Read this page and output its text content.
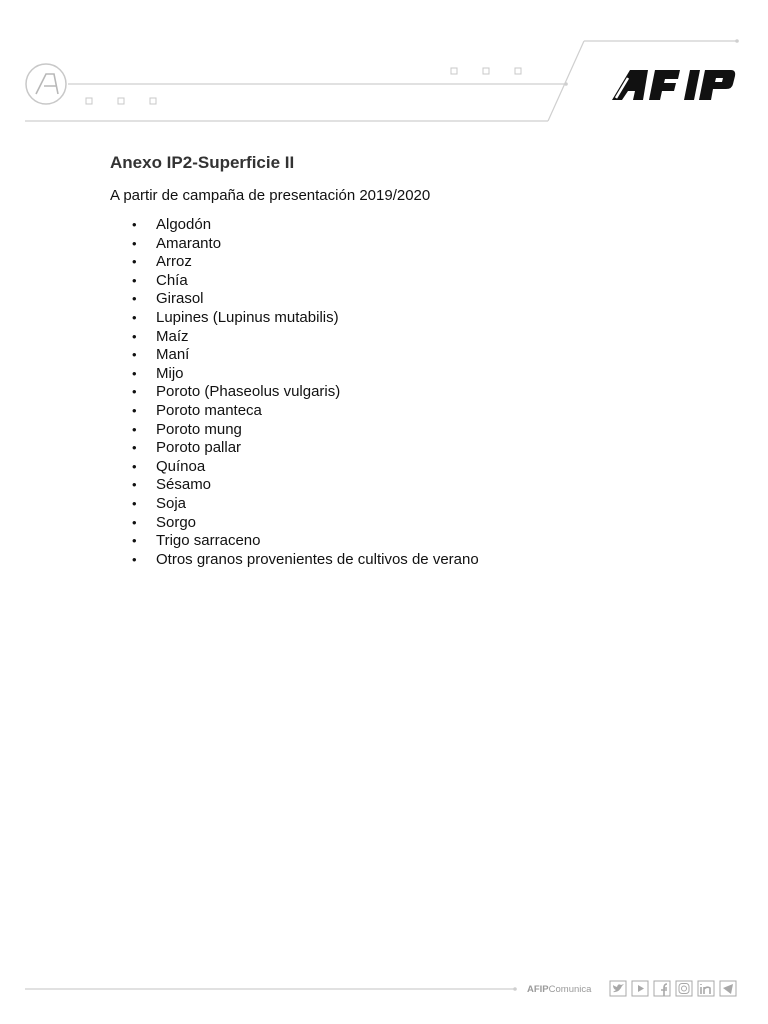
AFIP
Anexo IP2-Superficie II

A partir de campaña de presentación 2019/2020

• Algodón
• Amaranto
• Arroz
• Chía
• Girasol
• Lupines (Lupinus mutabilis)
• Maíz
• Maní
• Mijo
• Poroto (Phaseolus vulgaris)
• Poroto manteca
• Poroto mung
• Poroto pallar
• Quínoa
• Sésamo
• Soja
• Sorgo
• Trigo sarraceno
• Otros granos provenientes de cultivos de verano
AFIPComunica
